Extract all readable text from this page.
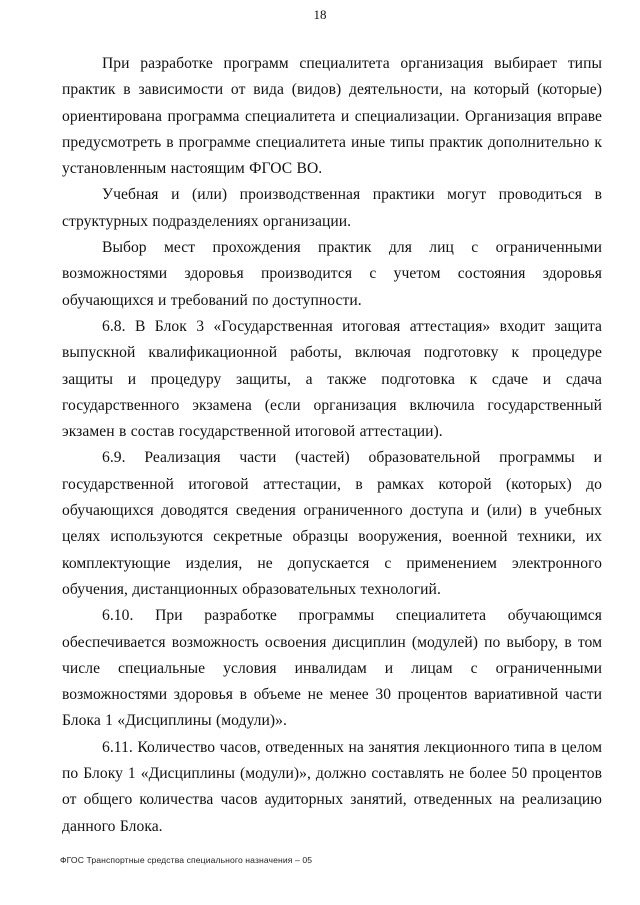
18

При разработке программ специалитета организация выбирает типы практик в зависимости от вида (видов) деятельности, на который (которые) ориентирована программа специалитета и специализации. Организация вправе предусмотреть в программе специалитета иные типы практик дополнительно к установленным настоящим ФГОС ВО.

Учебная и (или) производственная практики могут проводиться в структурных подразделениях организации.

Выбор мест прохождения практик для лиц с ограниченными возможностями здоровья производится с учетом состояния здоровья обучающихся и требований по доступности.

6.8. В Блок 3 «Государственная итоговая аттестация» входит защита выпускной квалификационной работы, включая подготовку к процедуре защиты и процедуру защиты, а также подготовка к сдаче и сдача государственного экзамена (если организация включила государственный экзамен в состав государственной итоговой аттестации).

6.9. Реализация части (частей) образовательной программы и государственной итоговой аттестации, в рамках которой (которых) до обучающихся доводятся сведения ограниченного доступа и (или) в учебных целях используются секретные образцы вооружения, военной техники, их комплектующие изделия, не допускается с применением электронного обучения, дистанционных образовательных технологий.

6.10. При разработке программы специалитета обучающимся обеспечивается возможность освоения дисциплин (модулей) по выбору, в том числе специальные условия инвалидам и лицам с ограниченными возможностями здоровья в объеме не менее 30 процентов вариативной части Блока 1 «Дисциплины (модули)».

6.11. Количество часов, отведенных на занятия лекционного типа в целом по Блоку 1 «Дисциплины (модули)», должно составлять не более 50 процентов от общего количества часов аудиторных занятий, отведенных на реализацию данного Блока.

ФГОС Транспортные средства специального назначения – 05
